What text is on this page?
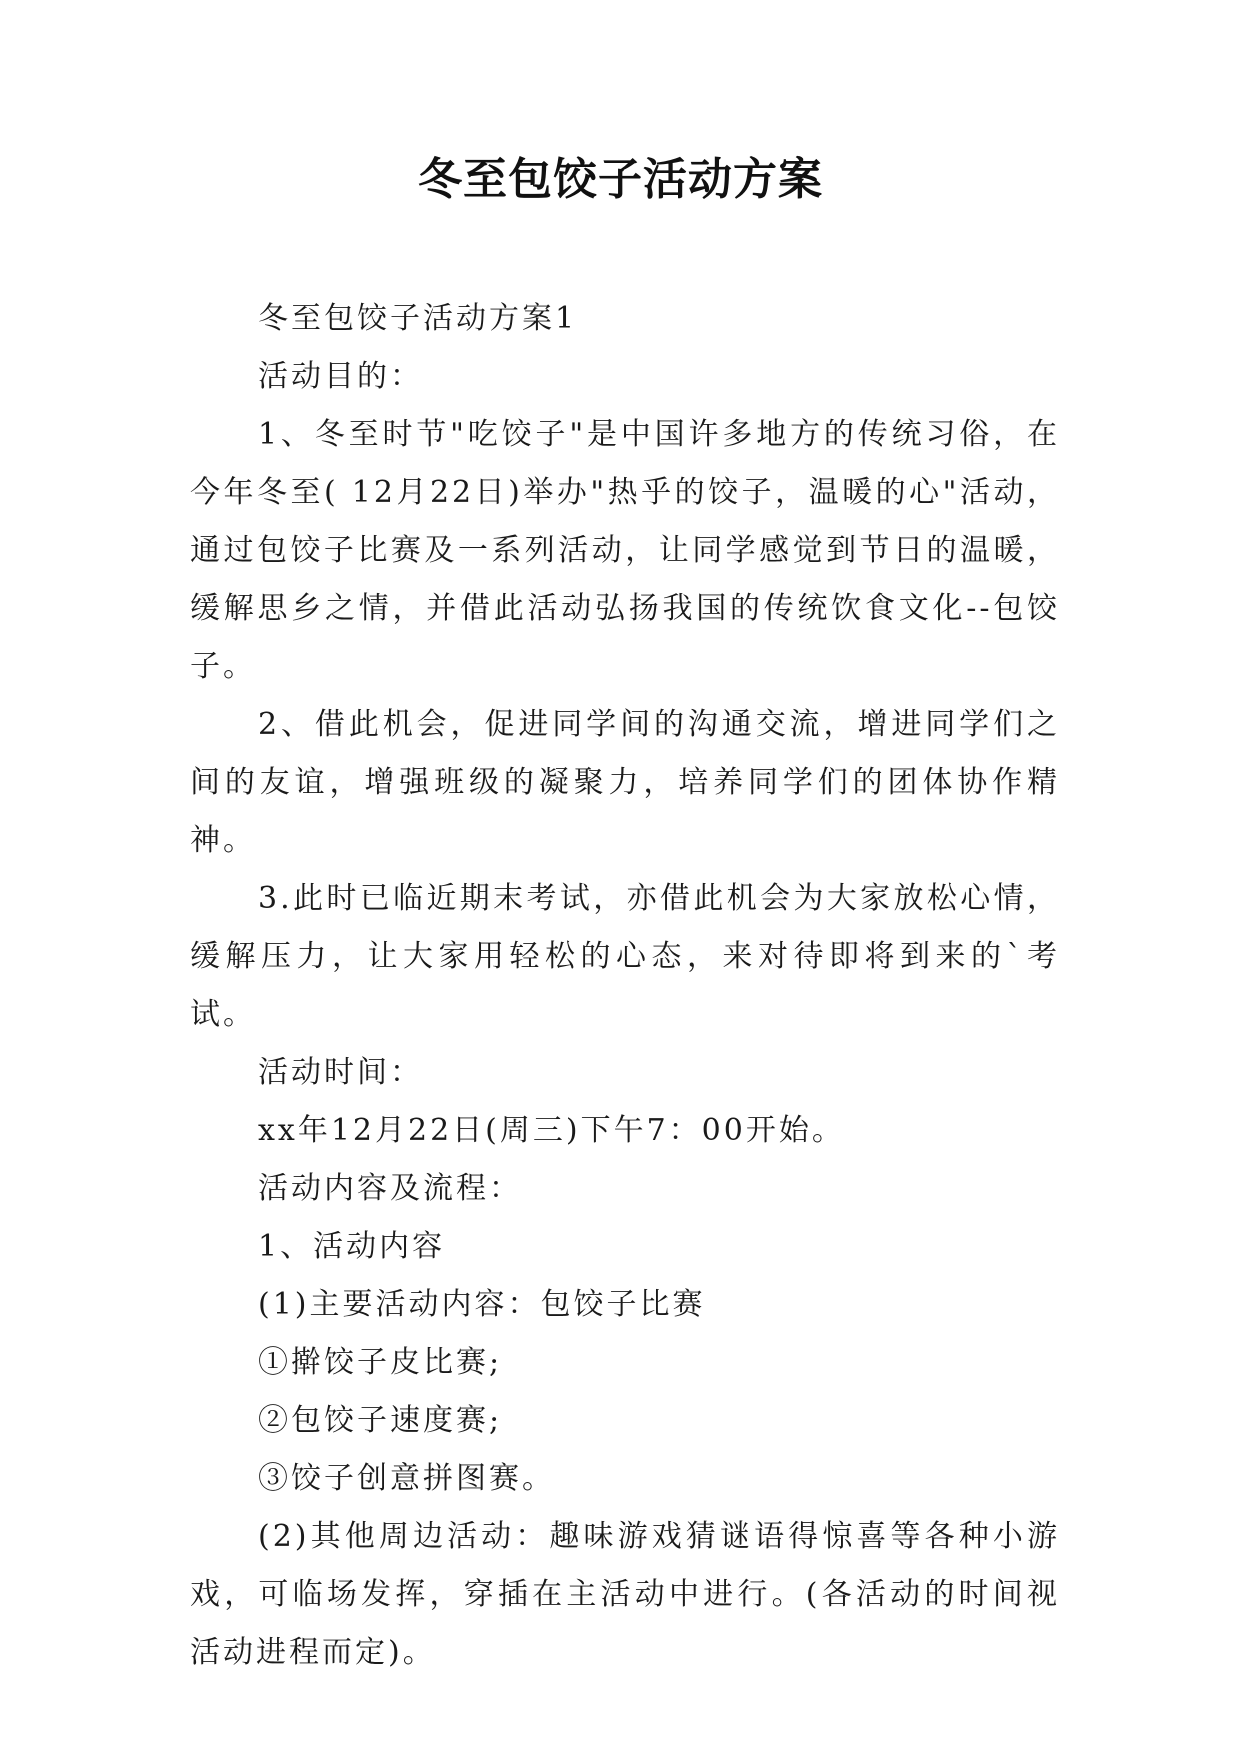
冬至包饺子活动方案

冬至包饺子活动方案1

活动目的：

1、冬至时节"吃饺子"是中国许多地方的传统习俗，在今年冬至( 12月22日)举办"热乎的饺子，温暖的心"活动，通过包饺子比赛及一系列活动，让同学感觉到节日的温暖，缓解思乡之情，并借此活动弘扬我国的传统饮食文化--包饺子。

2、借此机会，促进同学间的沟通交流，增进同学们之间的友谊，增强班级的凝聚力，培养同学们的团体协作精神。

3.此时已临近期末考试，亦借此机会为大家放松心情，缓解压力，让大家用轻松的心态，来对待即将到来的`考试。

活动时间：

xx年12月22日(周三)下午7：00开始。

活动内容及流程：

1、活动内容

(1)主要活动内容：包饺子比赛

①擀饺子皮比赛;

②包饺子速度赛;

③饺子创意拼图赛。

(2)其他周边活动：趣味游戏猜谜语得惊喜等各种小游戏，可临场发挥，穿插在主活动中进行。(各活动的时间视活动进程而定)。
